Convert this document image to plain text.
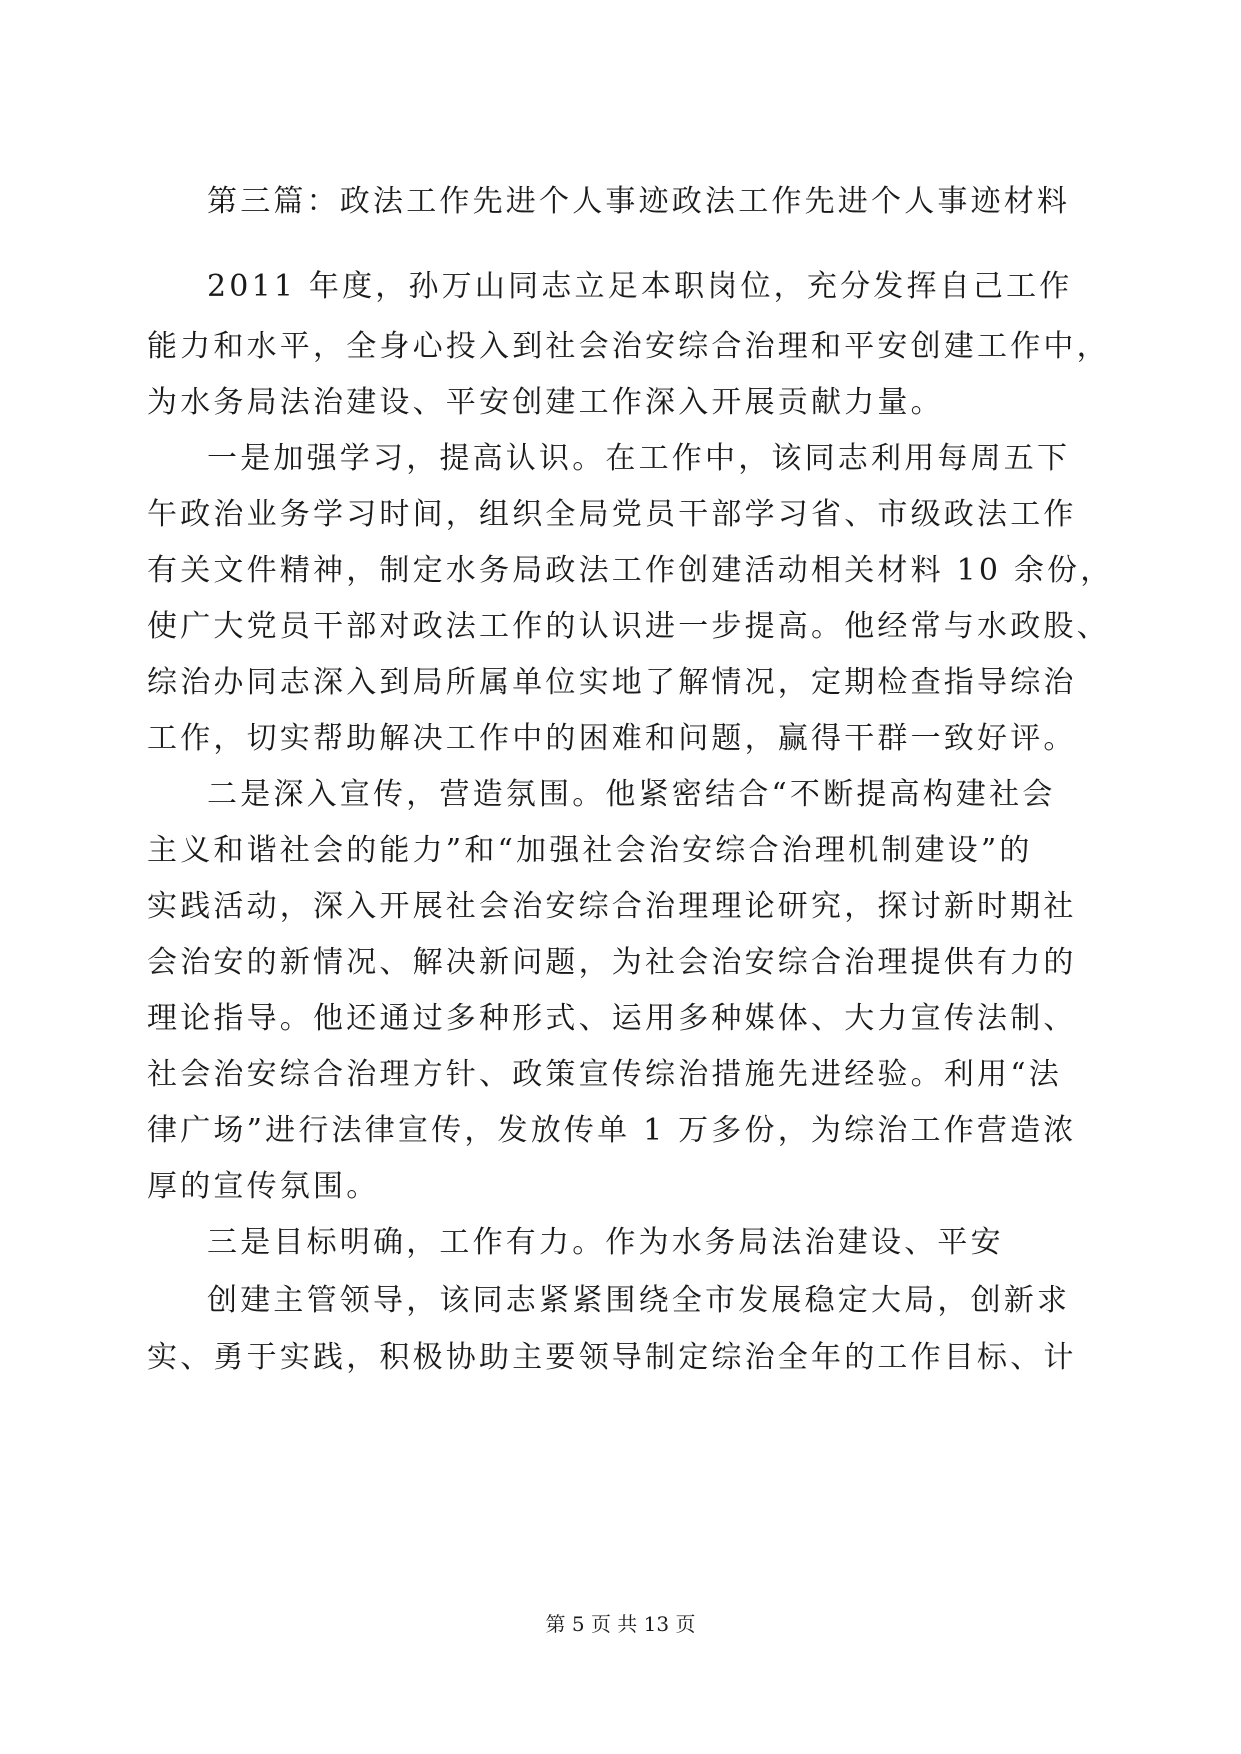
第三篇：政法工作先进个人事迹政法工作先进个人事迹材料
2011 年度，孙万山同志立足本职岗位，充分发挥自己工作
能力和水平，全身心投入到社会治安综合治理和平安创建工作中，
为水务局法治建设、平安创建工作深入开展贡献力量。
一是加强学习，提高认识。在工作中，该同志利用每周五下
午政治业务学习时间，组织全局党员干部学习省、市级政法工作
有关文件精神，制定水务局政法工作创建活动相关材料 10 余份，
使广大党员干部对政法工作的认识进一步提高。他经常与水政股、
综治办同志深入到局所属单位实地了解情况，定期检查指导综治
工作，切实帮助解决工作中的困难和问题，赢得干群一致好评。
二是深入宣传，营造氛围。他紧密结合“不断提高构建社会
主义和谐社会的能力”和“加强社会治安综合治理机制建设”的
实践活动，深入开展社会治安综合治理理论研究，探讨新时期社
会治安的新情况、解决新问题，为社会治安综合治理提供有力的
理论指导。他还通过多种形式、运用多种媒体、大力宣传法制、
社会治安综合治理方针、政策宣传综治措施先进经验。利用“法
律广场”进行法律宣传，发放传单 1 万多份，为综治工作营造浓
厚的宣传氛围。
三是目标明确，工作有力。作为水务局法治建设、平安
创建主管领导，该同志紧紧围绕全市发展稳定大局，创新求
实、勇于实践，积极协助主要领导制定综治全年的工作目标、计
第 5 页 共 13 页
